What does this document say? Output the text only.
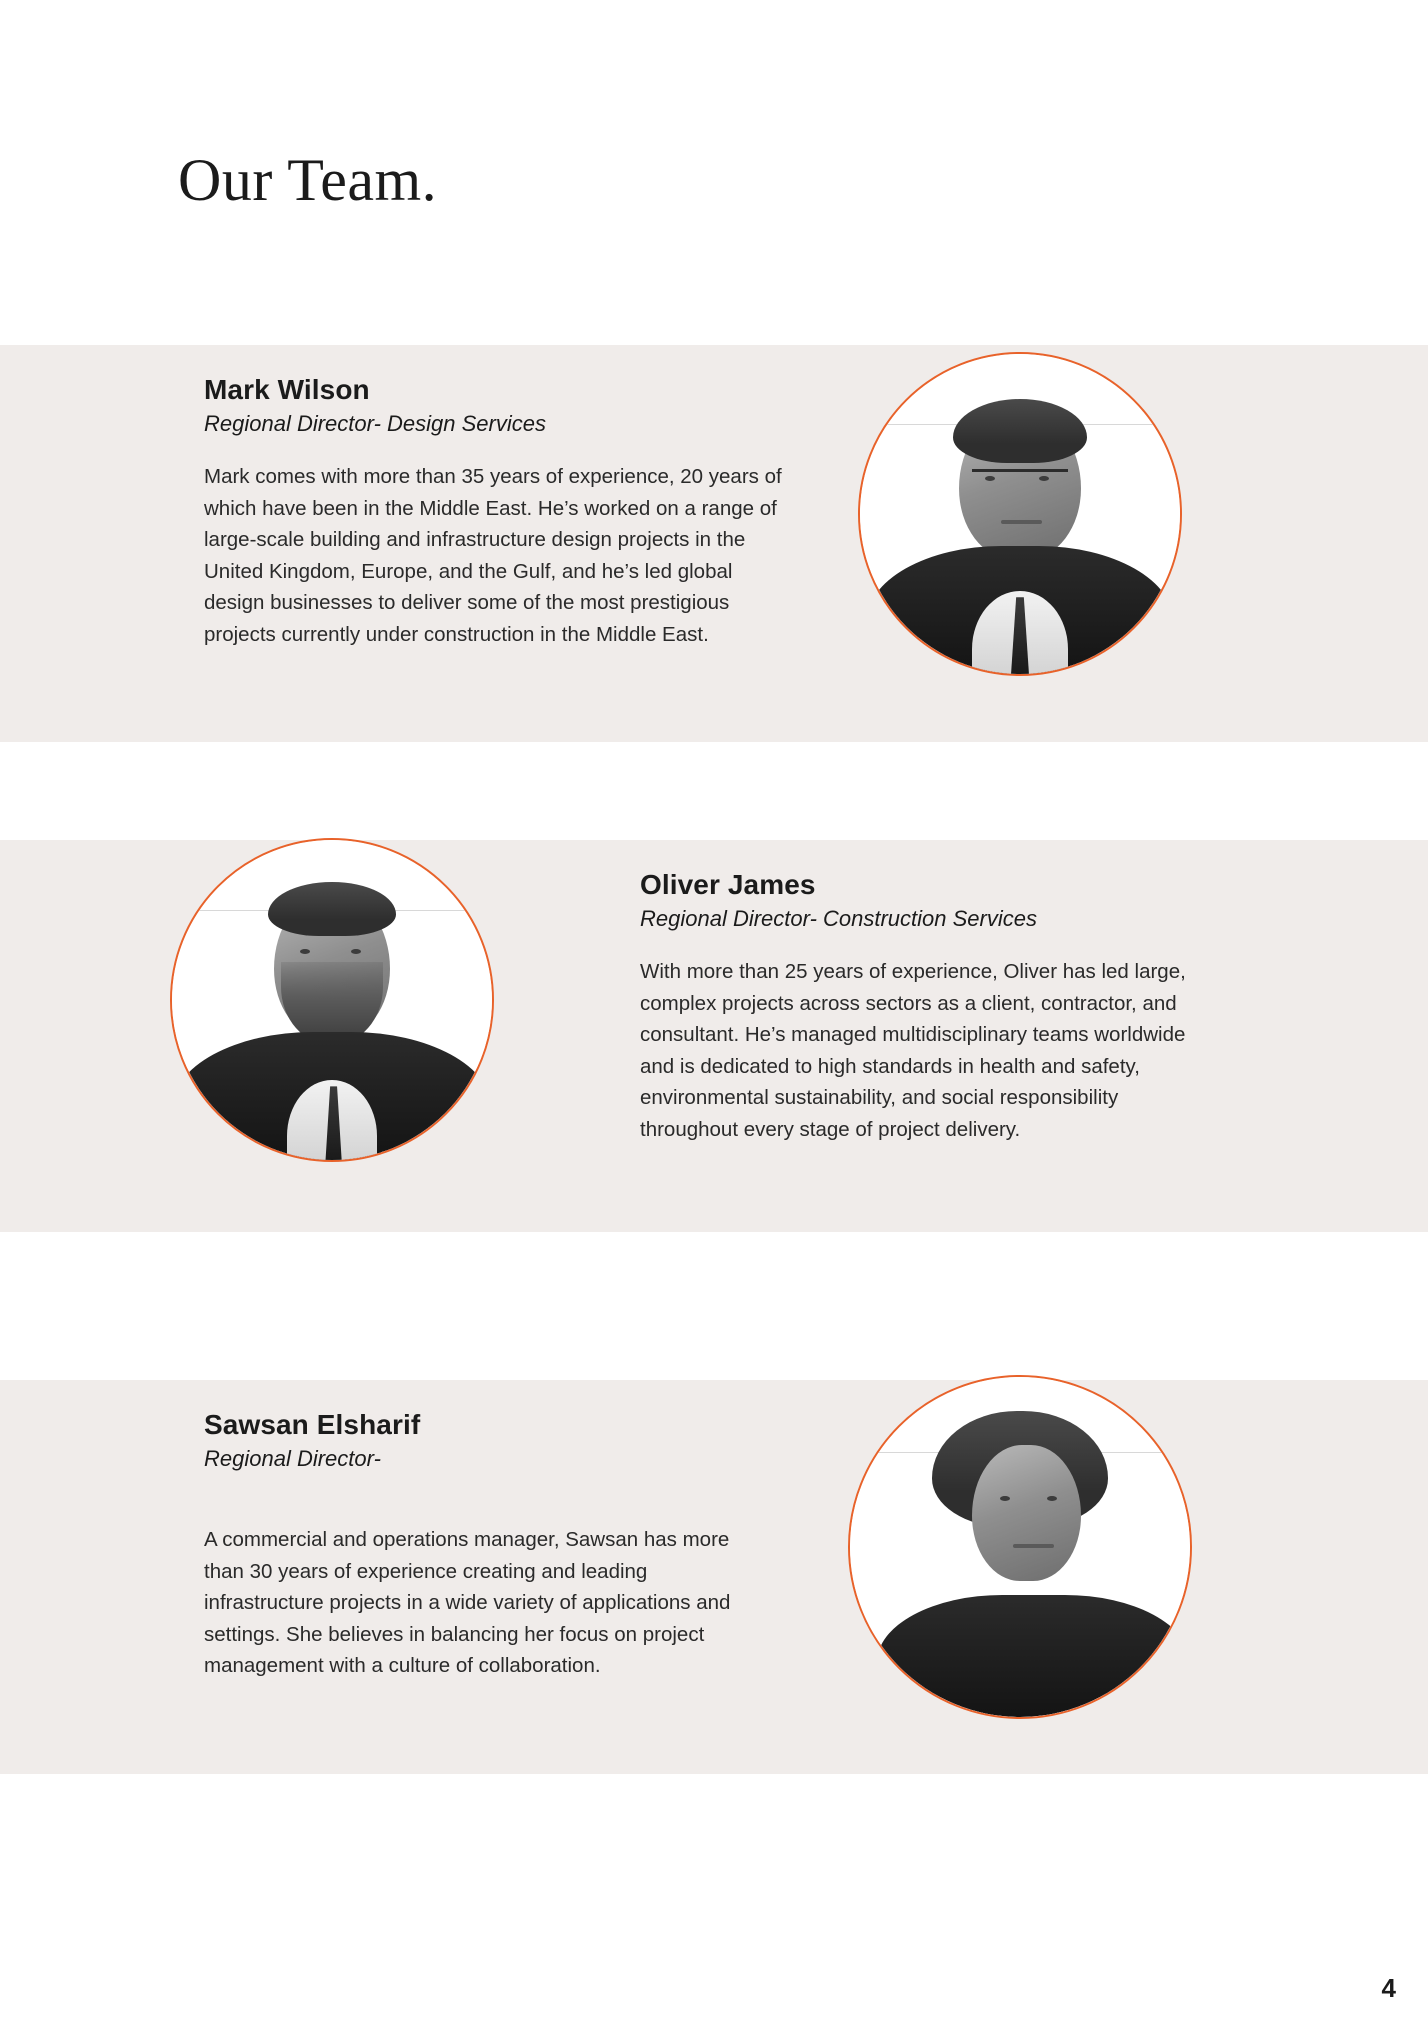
Our Team.
Mark Wilson
Regional Director- Design Services

Mark comes with more than 35 years of experience, 20 years of which have been in the Middle East. He’s worked on a range of large-scale building and infrastructure design projects in the United Kingdom, Europe, and the Gulf, and he’s led global design businesses to deliver some of the most prestigious projects currently under construction in the Middle East.

Oliver James
Regional Director- Construction Services

With more than 25 years of experience, Oliver has led large, complex projects across sectors as a client, contractor, and consultant. He’s managed multidisciplinary teams worldwide and is dedicated to high standards in health and safety, environmental sustainability, and social responsibility throughout every stage of project delivery.

Sawsan Elsharif
Regional Director-

A commercial and operations manager, Sawsan has more than 30 years of experience creating and leading infrastructure projects in a wide variety of applications and settings. She believes in balancing her focus on project management with a culture of collaboration.

4
